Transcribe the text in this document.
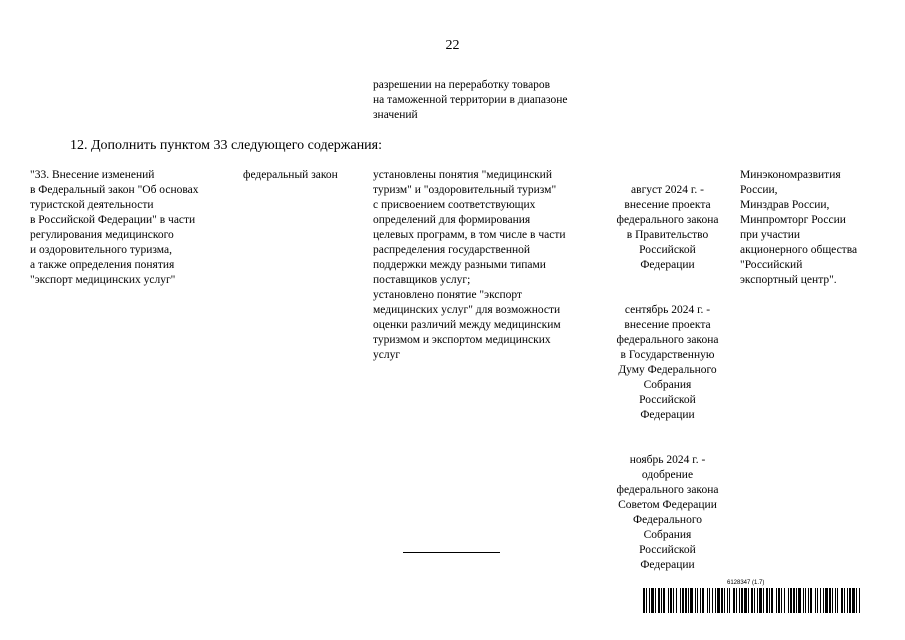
22
разрешении на переработку товаров
на таможенной территории в диапазоне
значений
12. Дополнить пунктом 33 следующего содержания:
"33. Внесение изменений
в Федеральный закон "Об основах
туристской деятельности
в Российской Федерации" в части
регулирования медицинского
и оздоровительного туризма,
а также определения понятия
"экспорт медицинских услуг"
федеральный закон	установлены понятия "медицинский
туризм" и "оздоровительный туризм"
с присвоением соответствующих
определений для формирования
целевых программ, в том числе в части
распределения государственной
поддержки между разными типами
поставщиков услуг;
установлено понятие "экспорт
медицинских услуг" для возможности
оценки различий между медицинским
туризмом и экспортом медицинских
услуг

август 2024 г. -
внесение проекта
федерального закона
в Правительство
Российской
Федерации

сентябрь 2024 г. -
внесение проекта
федерального закона
в Государственную
Думу Федерального
Собрания
Российской
Федерации

ноябрь 2024 г. -
одобрение
федерального закона
Советом Федерации
Федерального
Собрания
Российской
Федерации

Минэкономразвития
России,
Минздрав России,
Минпромторг России
при участии
акционерного общества
"Российский
экспортный центр".
6128347 (1.7)
